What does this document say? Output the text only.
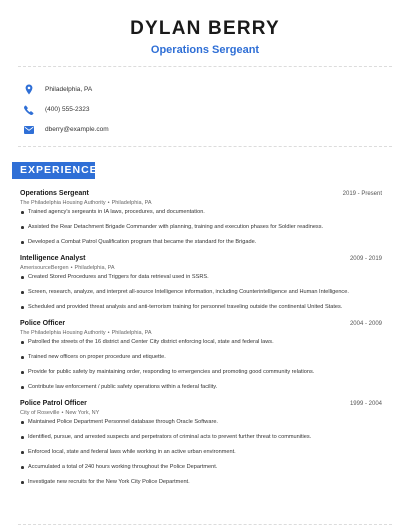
DYLAN BERRY
Operations Sergeant
Philadelphia, PA
(400) 555-2323
dberry@example.com
EXPERIENCE
Operations Sergeant	2019 - Present
The Philadelphia Housing Authority • Philadelphia, PA
Trained agency's sergeants in IA laws, procedures, and documentation.
Assisted the Rear Detachment Brigade Commander with planning, training and execution phases for Soldier readiness.
Developed a Combat Patrol Qualification program that became the standard for the Brigade.
Intelligence Analyst	2009 - 2019
AmerisourceBergen • Philadelphia, PA
Created Stored Procedures and Triggers for data retrieval used in SSRS.
Screen, research, analyze, and interpret all-source Intelligence information, including Counterintelligence and Human Intelligence.
Scheduled and provided threat analysis and anti-terrorism training for personnel traveling outside the continental United States.
Police Officer	2004 - 2009
The Philadelphia Housing Authority • Philadelphia, PA
Patrolled the streets of the 16 district and Center City district enforcing local, state and federal laws.
Trained new officers on proper procedure and etiquette.
Provide for public safety by maintaining order, responding to emergencies and promoting good community relations.
Contribute law enforcement / public safety operations within a federal facility.
Police Patrol Officer	1999 - 2004
City of Roseville • New York, NY
Maintained Police Department Personnel database through Oracle Software.
Identified, pursue, and arrested suspects and perpetrators of criminal acts to prevent further threat to communities.
Enforced local, state and federal laws while working in an active urban environment.
Accumulated a total of 240 hours working throughout the Police Department.
Investigate new recruits for the New York City Police Department.
